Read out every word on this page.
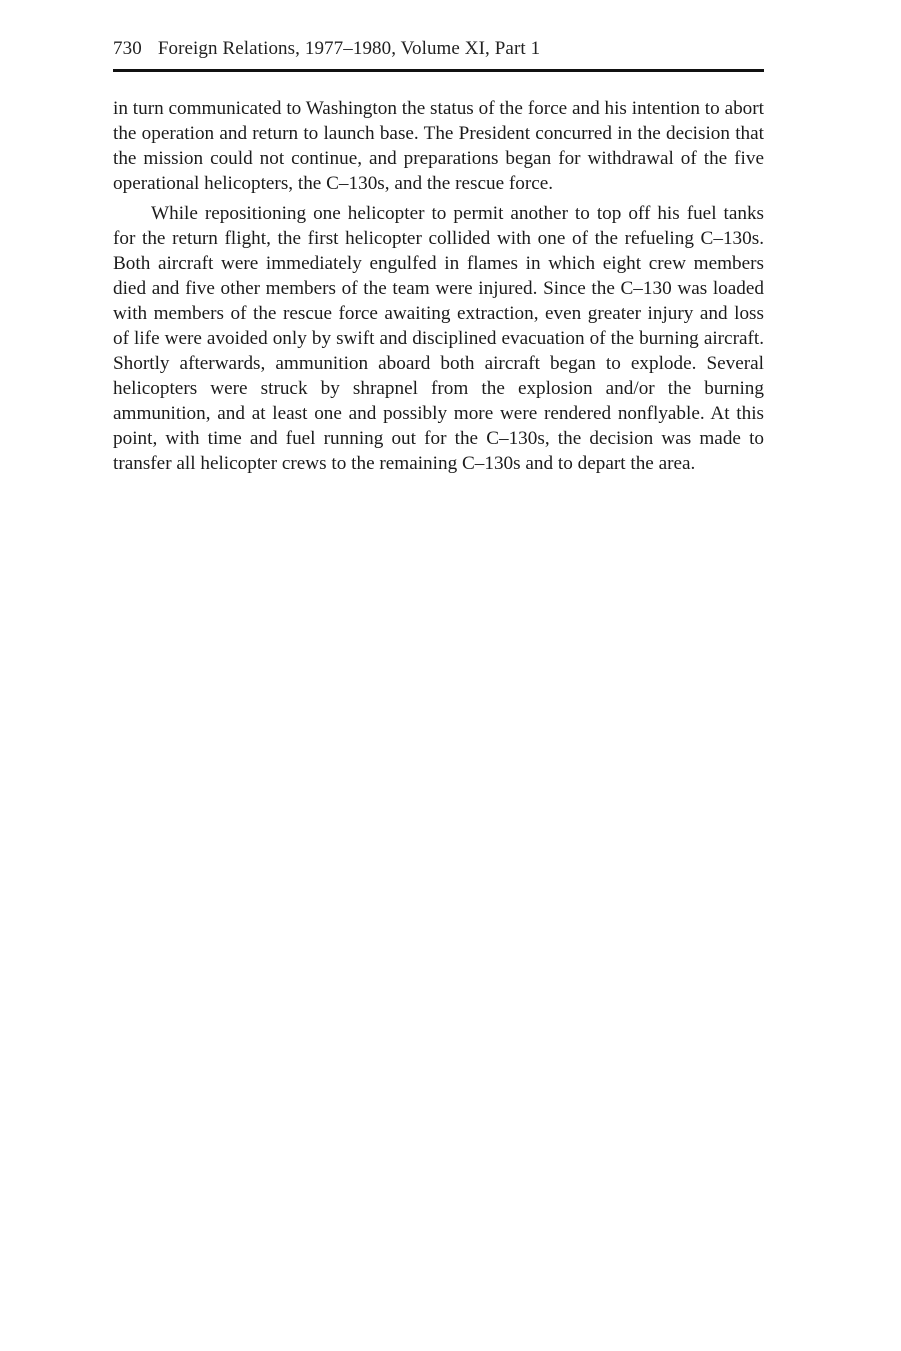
730 Foreign Relations, 1977–1980, Volume XI, Part 1

in turn communicated to Washington the status of the force and his intention to abort the operation and return to launch base. The President concurred in the decision that the mission could not continue, and preparations began for withdrawal of the five operational helicopters, the C–130s, and the rescue force.

While repositioning one helicopter to permit another to top off his fuel tanks for the return flight, the first helicopter collided with one of the refueling C–130s. Both aircraft were immediately engulfed in flames in which eight crew members died and five other members of the team were injured. Since the C–130 was loaded with members of the rescue force awaiting extraction, even greater injury and loss of life were avoided only by swift and disciplined evacuation of the burning aircraft. Shortly afterwards, ammunition aboard both aircraft began to explode. Several helicopters were struck by shrapnel from the explosion and/or the burning ammunition, and at least one and possibly more were rendered nonflyable. At this point, with time and fuel running out for the C–130s, the decision was made to transfer all helicopter crews to the remaining C–130s and to depart the area.
